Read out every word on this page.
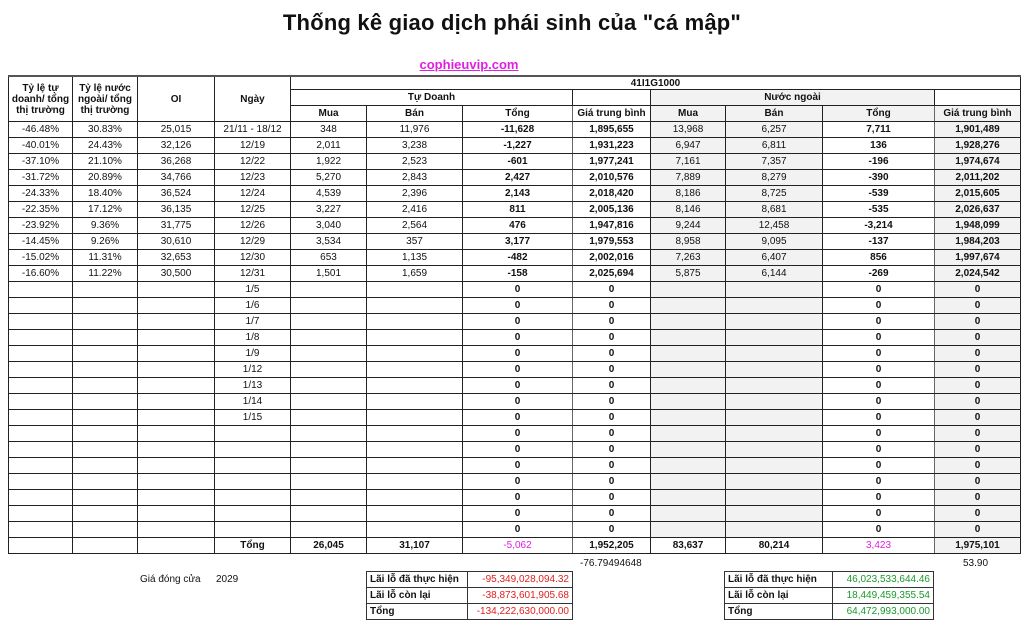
Thống kê giao dịch phái sinh của "cá mập"
cophieuvip.com
Tỷ lệ tự doanh/ tổng thị trường	Tỷ lệ nước ngoài/ tổng thị trường	OI	Ngày	41I1G1000							
				Tự Doanh				Nước ngoài			
				Mua	Bán	Tổng	Giá trung bình	Mua	Bán	Tổng	Giá trung bình
-46.48%	30.83%	25,015	21/11 - 18/12	348	11,976	-11,628	1,895,655	13,968	6,257	7,711	1,901,489
-40.01%	24.43%	32,126	12/19	2,011	3,238	-1,227	1,931,223	6,947	6,811	136	1,928,276
-37.10%	21.10%	36,268	12/22	1,922	2,523	-601	1,977,241	7,161	7,357	-196	1,974,674
-31.72%	20.89%	34,766	12/23	5,270	2,843	2,427	2,010,576	7,889	8,279	-390	2,011,202
-24.33%	18.40%	36,524	12/24	4,539	2,396	2,143	2,018,420	8,186	8,725	-539	2,015,605
-22.35%	17.12%	36,135	12/25	3,227	2,416	811	2,005,136	8,146	8,681	-535	2,026,637
-23.92%	9.36%	31,775	12/26	3,040	2,564	476	1,947,816	9,244	12,458	-3,214	1,948,099
-14.45%	9.26%	30,610	12/29	3,534	357	3,177	1,979,553	8,958	9,095	-137	1,984,203
-15.02%	11.31%	32,653	12/30	653	1,135	-482	2,002,016	7,263	6,407	856	1,997,674
-16.60%	11.22%	30,500	12/31	1,501	1,659	-158	2,025,694	5,875	6,144	-269	2,024,542
			1/5			0	0			0	0
			1/6			0	0			0	0
			1/7			0	0			0	0
			1/8			0	0			0	0
			1/9			0	0			0	0
			1/12			0	0			0	0
			1/13			0	0			0	0
			1/14			0	0			0	0
			1/15			0	0			0	0
						0	0			0	0
						0	0			0	0
						0	0			0	0
						0	0			0	0
						0	0			0	0
						0	0			0	0
						0	0			0	0
			Tổng	26,045	31,107	-5,062	1,952,205	83,637	80,214	3,423	1,975,101
-76.79494648	53.90
Giá đóng cửa 2029	Lãi lỗ đã thực hiện	-95,349,028,094.32
Lãi lỗ còn lại	-38,873,601,905.68
Tổng	-134,222,630,000.00
Lãi lỗ đã thực hiện	46,023,533,644.46
Lãi lỗ còn lại	18,449,459,355.54
Tổng	64,472,993,000.00
